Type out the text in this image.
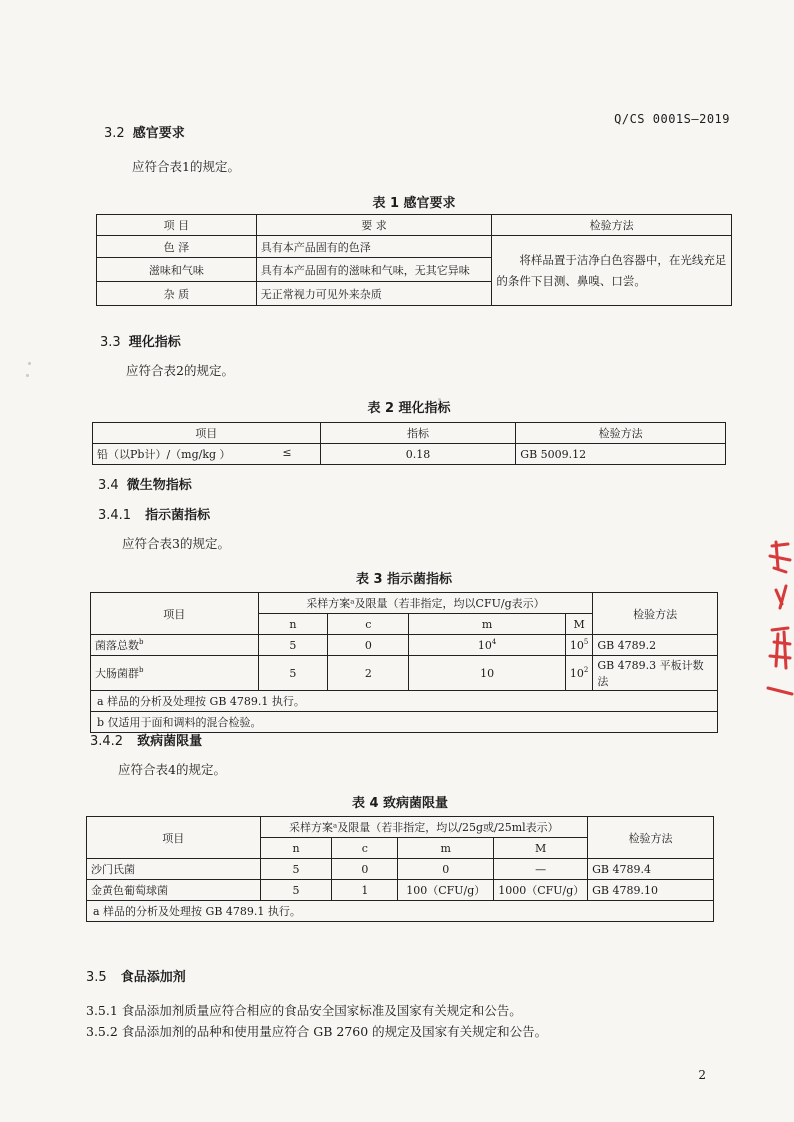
Q/CS 0001S—2019
3.2 感官要求
应符合表1的规定。
表 1 感官要求
项 目	要 求	检验方法
色 泽	具有本产品固有的色泽	将样品置于洁净白色容器中，在光线充足的条件下目测、鼻嗅、口尝。

滋味和气味	具有本产品固有的滋味和气味，无其它异味	
杂 质	无正常视力可见外来杂质	
3.3 理化指标
应符合表2的规定。
表 2 理化指标
项目	指标	检验方法
铅（以Pb计）/（mg/kg ） ≤	0.18	GB 5009.12
3.4 微生物指标
3.4.1 指示菌指标
应符合表3的规定。
表 3 指示菌指标
项目	采样方案ᵃ及限量（若非指定，均以CFU/g表示）				检验方法
	n	c	m	M	
菌落总数$^b$	5	0	$10^4$	$10^5$	GB 4789.2
大肠菌群$^b$	5	2	10	$10^2$	GB 4789.3 平板计数法
a 样品的分析及处理按 GB 4789.1 执行。					
b 仅适用于面和调料的混合检验。					
3.4.2 致病菌限量
应符合表4的规定。
表 4 致病菌限量
项目	采样方案ᵃ及限量（若非指定，均以/25g或/25ml表示）				检验方法
	n	c	m	M	
沙门氏菌	5	0	0	—	GB 4789.4
金黄色葡萄球菌	5	1	100（CFU/g）	1000（CFU/g）	GB 4789.10
a 样品的分析及处理按 GB 4789.1 执行。					
3.5 食品添加剂
3.5.1 食品添加剂质量应符合相应的食品安全国家标准及国家有关规定和公告。
3.5.2 食品添加剂的品种和使用量应符合 GB 2760 的规定及国家有关规定和公告。
2
